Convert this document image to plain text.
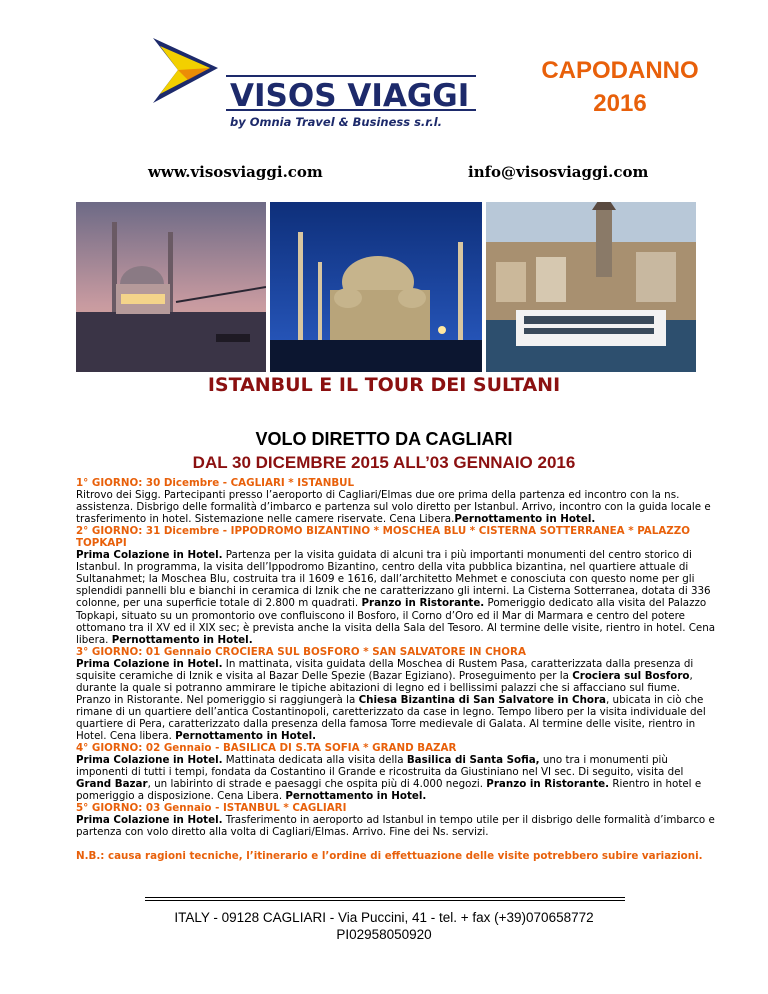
VISOS VIAGGI
by Omnia Travel & Business s.r.l.
CAPODANNO
2016
www.visosviaggi.com	info@visosviaggi.com
ISTANBUL E IL TOUR DEI SULTANI
VOLO DIRETTO DA CAGLIARI
DAL 30 DICEMBRE 2015 ALL’03 GENNAIO 2016

1° GIORNO: 30 Dicembre - CAGLIARI * ISTANBUL
Ritrovo dei Sigg. Partecipanti presso l’aeroporto di Cagliari/Elmas due ore prima della partenza ed incontro con la ns. assistenza. Disbrigo delle formalità d’imbarco e partenza sul volo diretto per Istanbul. Arrivo, incontro con la guida locale e trasferimento in hotel. Sistemazione nelle camere riservate. Cena Libera.Pernottamento in Hotel.

2° GIORNO: 31 Dicembre - IPPODROMO BIZANTINO * MOSCHEA BLU * CISTERNA SOTTERRANEA * PALAZZO TOPKAPI
Prima Colazione in Hotel. Partenza per la visita guidata di alcuni tra i più importanti monumenti del centro storico di Istanbul. In programma, la visita dell’Ippodromo Bizantino, centro della vita pubblica bizantina, nel quartiere attuale di Sultanahmet; la Moschea Blu, costruita tra il 1609 e 1616, dall’architetto Mehmet e conosciuta con questo nome per gli splendidi pannelli blu e bianchi in ceramica di Iznik che ne caratterizzano gli interni. La Cisterna Sotterranea, dotata di 336 colonne, per una superficie totale di 2.800 m quadrati. Pranzo in Ristorante. Pomeriggio dedicato alla visita del Palazzo Topkapi, situato su un promontorio ove confluiscono il Bosforo, il Corno d’Oro ed il Mar di Marmara e centro del potere ottomano tra il XV ed il XIX sec; è prevista anche la visita della Sala del Tesoro. Al termine delle visite, rientro in hotel. Cena libera. Pernottamento in Hotel.

3° GIORNO: 01 Gennaio CROCIERA SUL BOSFORO * SAN SALVATORE IN CHORA
Prima Colazione in Hotel. In mattinata, visita guidata della Moschea di Rustem Pasa, caratterizzata dalla presenza di squisite ceramiche di Iznik e visita al Bazar Delle Spezie (Bazar Egiziano). Proseguimento per la Crociera sul Bosforo, durante la quale si potranno ammirare le tipiche abitazioni di legno ed i bellissimi palazzi che si affacciano sul fiume. Pranzo in Ristorante. Nel pomeriggio si raggiungerà la Chiesa Bizantina di San Salvatore in Chora, ubicata in ciò che rimane di un quartiere dell’antica Costantinopoli, caretterizzato da case in legno. Tempo libero per la visita individuale del quartiere di Pera, caratterizzato dalla presenza della famosa Torre medievale di Galata. Al termine delle visite, rientro in Hotel. Cena libera. Pernottamento in Hotel.

4° GIORNO: 02 Gennaio - BASILICA DI S.TA SOFIA * GRAND BAZAR
Prima Colazione in Hotel. Mattinata dedicata alla visita della Basilica di Santa Sofia, uno tra i monumenti più imponenti di tutti i tempi, fondata da Costantino il Grande e ricostruita da Giustiniano nel VI sec. Di seguito, visita del Grand Bazar, un labirinto di strade e paesaggi che ospita più di 4.000 negozi. Pranzo in Ristorante. Rientro in hotel e pomeriggio a disposizione. Cena Libera. Pernottamento in Hotel.

5° GIORNO: 03 Gennaio - ISTANBUL * CAGLIARI
Prima Colazione in Hotel. Trasferimento in aeroporto ad Istanbul in tempo utile per il disbrigo delle formalità d’imbarco e partenza con volo diretto alla volta di Cagliari/Elmas. Arrivo. Fine dei Ns. servizi.

N.B.: causa ragioni tecniche, l’itinerario e l’ordine di effettuazione delle visite potrebbero subire variazioni.

ITALY - 09128 CAGLIARI - Via Puccini, 41 - tel. + fax (+39)070658772
PI02958050920
